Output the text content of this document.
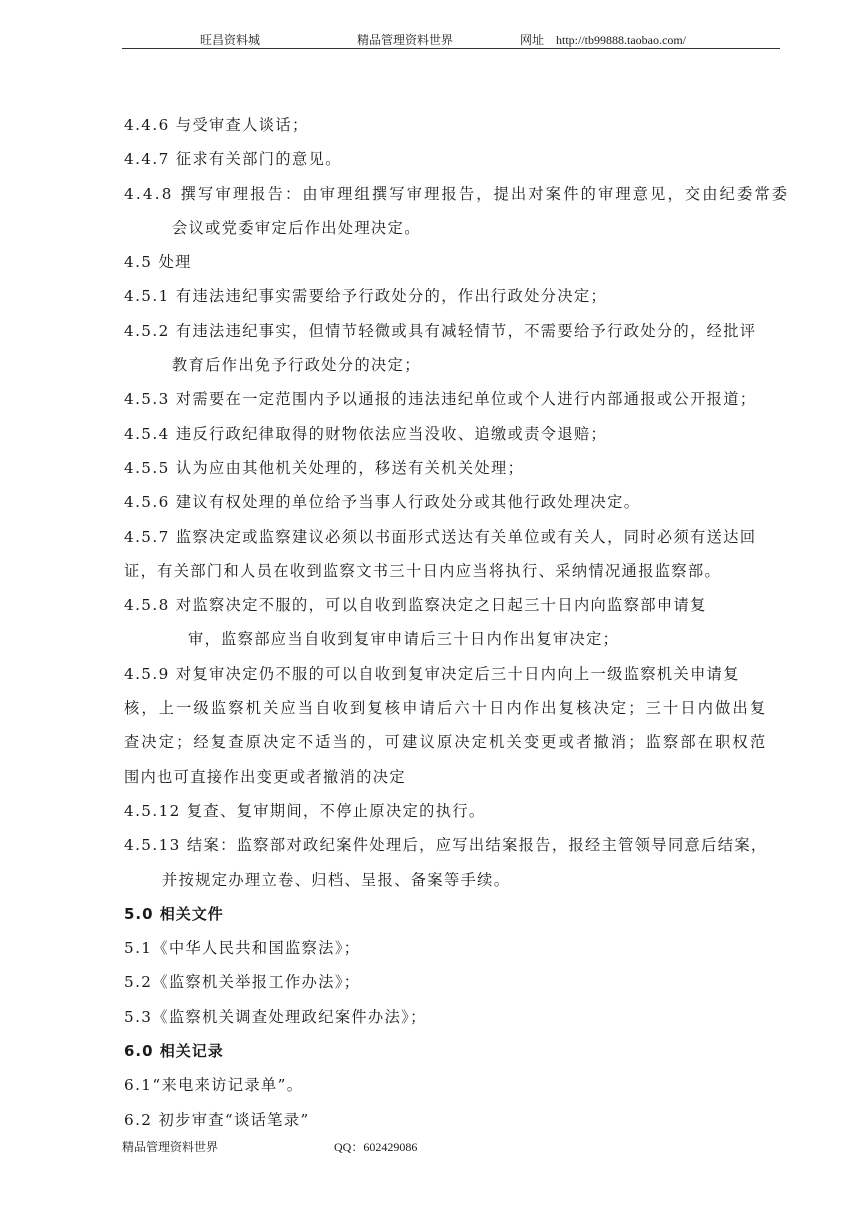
旺昌资料城	精品管理资料世界	网址　http://tb99888.taobao.com/
4.4.6 与受审查人谈话；
4.4.7 征求有关部门的意见。
4.4.8 撰写审理报告：由审理组撰写审理报告，提出对案件的审理意见，交由纪委常委
会议或党委审定后作出处理决定。
4.5 处理
4.5.1 有违法违纪事实需要给予行政处分的，作出行政处分决定；
4.5.2 有违法违纪事实，但情节轻微或具有减轻情节，不需要给予行政处分的，经批评
教育后作出免予行政处分的决定；
4.5.3 对需要在一定范围内予以通报的违法违纪单位或个人进行内部通报或公开报道；
4.5.4 违反行政纪律取得的财物依法应当没收、追缴或责令退赔；
4.5.5 认为应由其他机关处理的，移送有关机关处理；
4.5.6 建议有权处理的单位给予当事人行政处分或其他行政处理决定。
4.5.7 监察决定或监察建议必须以书面形式送达有关单位或有关人，同时必须有送达回
证，有关部门和人员在收到监察文书三十日内应当将执行、采纳情况通报监察部。
4.5.8 对监察决定不服的，可以自收到监察决定之日起三十日内向监察部申请复
审，监察部应当自收到复审申请后三十日内作出复审决定；
4.5.9 对复审决定仍不服的可以自收到复审决定后三十日内向上一级监察机关申请复
核，上一级监察机关应当自收到复核申请后六十日内作出复核决定；三十日内做出复
查决定；经复查原决定不适当的，可建议原决定机关变更或者撤消；监察部在职权范
围内也可直接作出变更或者撤消的决定
4.5.12 复查、复审期间，不停止原决定的执行。
4.5.13 结案：监察部对政纪案件处理后，应写出结案报告，报经主管领导同意后结案，
并按规定办理立卷、归档、呈报、备案等手续。
5.0 相关文件
5.1《中华人民共和国监察法》；
5.2《监察机关举报工作办法》；
5.3《监察机关调查处理政纪案件办法》；
6.0 相关记录
6.1“来电来访记录单”。
6.2 初步审查“谈话笔录”
精品管理资料世界	QQ：602429086
